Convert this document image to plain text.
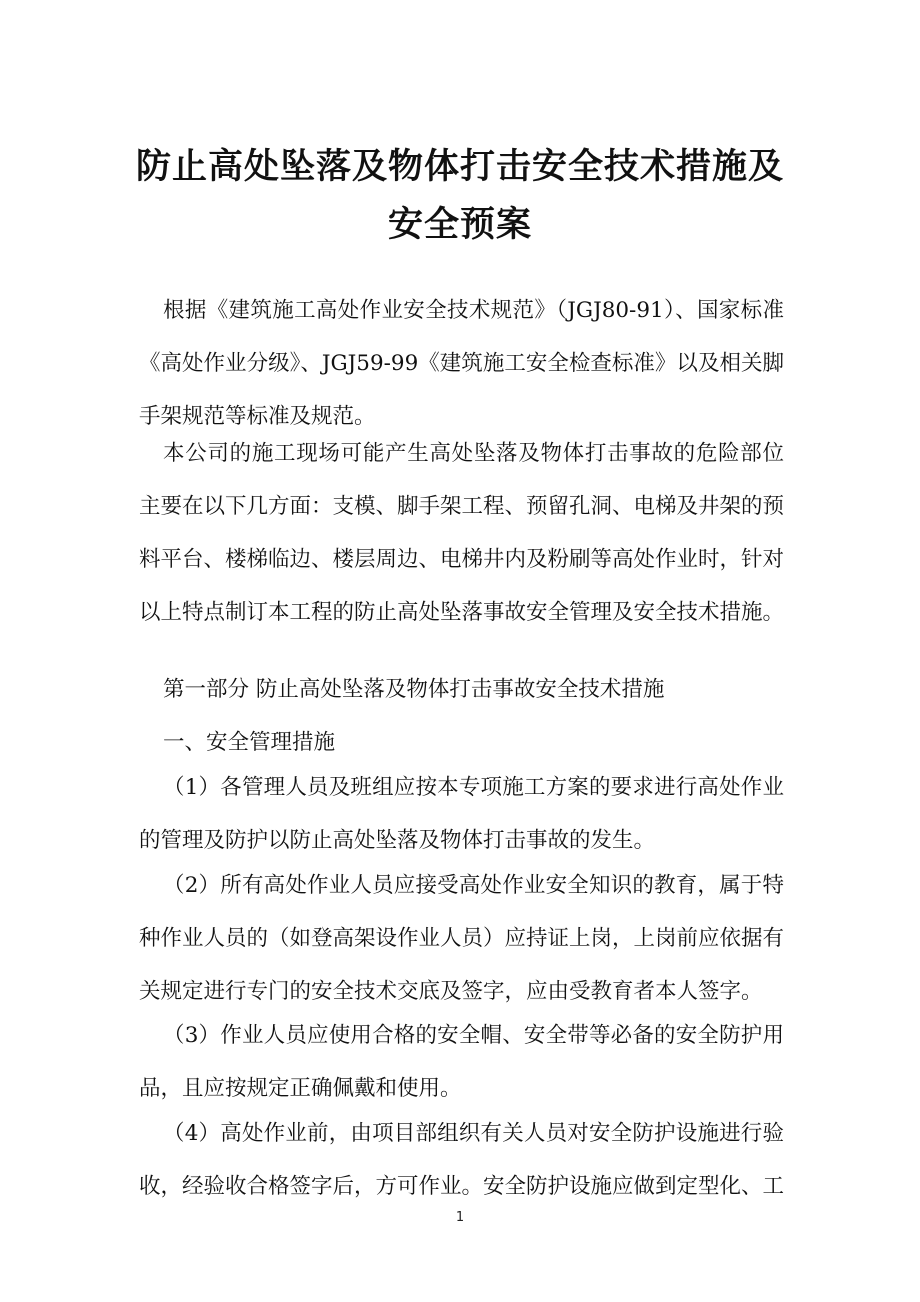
防止高处坠落及物体打击安全技术措施及
安全预案

根据《建筑施工高处作业安全技术规范》（JGJ80-91）、国家标准《高处作业分级》、JGJ59-99《建筑施工安全检查标准》以及相关脚手架规范等标准及规范。

本公司的施工现场可能产生高处坠落及物体打击事故的危险部位主要在以下几方面：支模、脚手架工程、预留孔洞、电梯及井架的预料平台、楼梯临边、楼层周边、电梯井内及粉刷等高处作业时，针对以上特点制订本工程的防止高处坠落事故安全管理及安全技术措施。

第一部分 防止高处坠落及物体打击事故安全技术措施

一、安全管理措施

（1）各管理人员及班组应按本专项施工方案的要求进行高处作业的管理及防护以防止高处坠落及物体打击事故的发生。

（2）所有高处作业人员应接受高处作业安全知识的教育，属于特种作业人员的（如登高架设作业人员）应持证上岗，上岗前应依据有关规定进行专门的安全技术交底及签字，应由受教育者本人签字。

（3）作业人员应使用合格的安全帽、安全带等必备的安全防护用品，且应按规定正确佩戴和使用。

（4）高处作业前，由项目部组织有关人员对安全防护设施进行验收，经验收合格签字后，方可作业。安全防护设施应做到定型化、工

1
